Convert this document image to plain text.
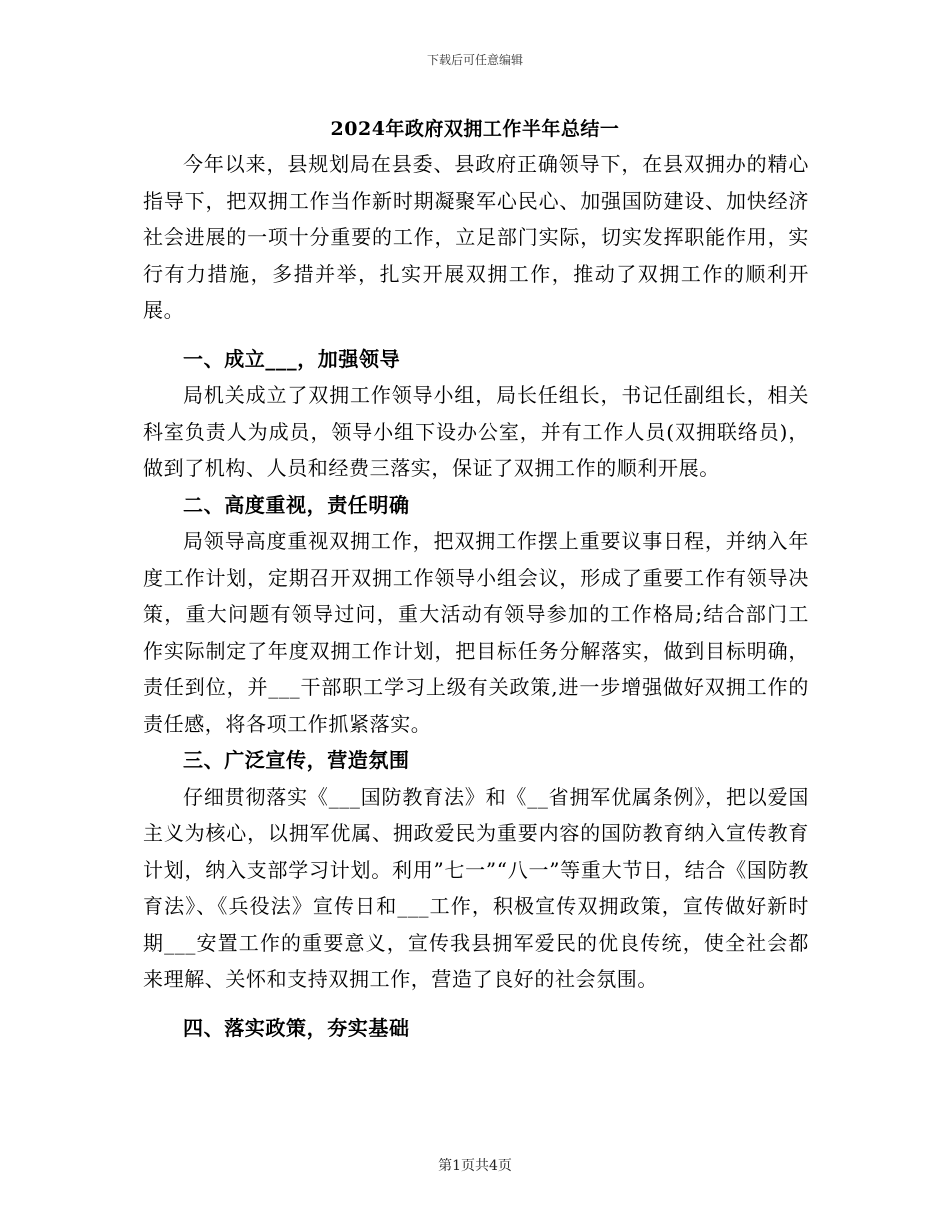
下载后可任意编辑
2024年政府双拥工作半年总结一

今年以来，县规划局在县委、县政府正确领导下，在县双拥办的精心指导下，把双拥工作当作新时期凝聚军心民心、加强国防建设、加快经济社会进展的一项十分重要的工作，立足部门实际，切实发挥职能作用，实行有力措施，多措并举，扎实开展双拥工作，推动了双拥工作的顺利开展。

一、成立___，加强领导

局机关成立了双拥工作领导小组，局长任组长，书记任副组长，相关科室负责人为成员，领导小组下设办公室，并有工作人员(双拥联络员)，做到了机构、人员和经费三落实，保证了双拥工作的顺利开展。

二、高度重视，责任明确

局领导高度重视双拥工作，把双拥工作摆上重要议事日程，并纳入年度工作计划，定期召开双拥工作领导小组会议，形成了重要工作有领导决策，重大问题有领导过问，重大活动有领导参加的工作格局;结合部门工作实际制定了年度双拥工作计划，把目标任务分解落实，做到目标明确，责任到位，并___干部职工学习上级有关政策,进一步增强做好双拥工作的责任感，将各项工作抓紧落实。

三、广泛宣传，营造氛围

仔细贯彻落实《___国防教育法》和《__省拥军优属条例》，把以爱国主义为核心，以拥军优属、拥政爱民为重要内容的国防教育纳入宣传教育计划，纳入支部学习计划。利用”七一”“八一”等重大节日，结合《国防教育法》、《兵役法》宣传日和___工作，积极宣传双拥政策，宣传做好新时期___安置工作的重要意义，宣传我县拥军爱民的优良传统，使全社会都来理解、关怀和支持双拥工作，营造了良好的社会氛围。

四、落实政策，夯实基础

第1页共4页
